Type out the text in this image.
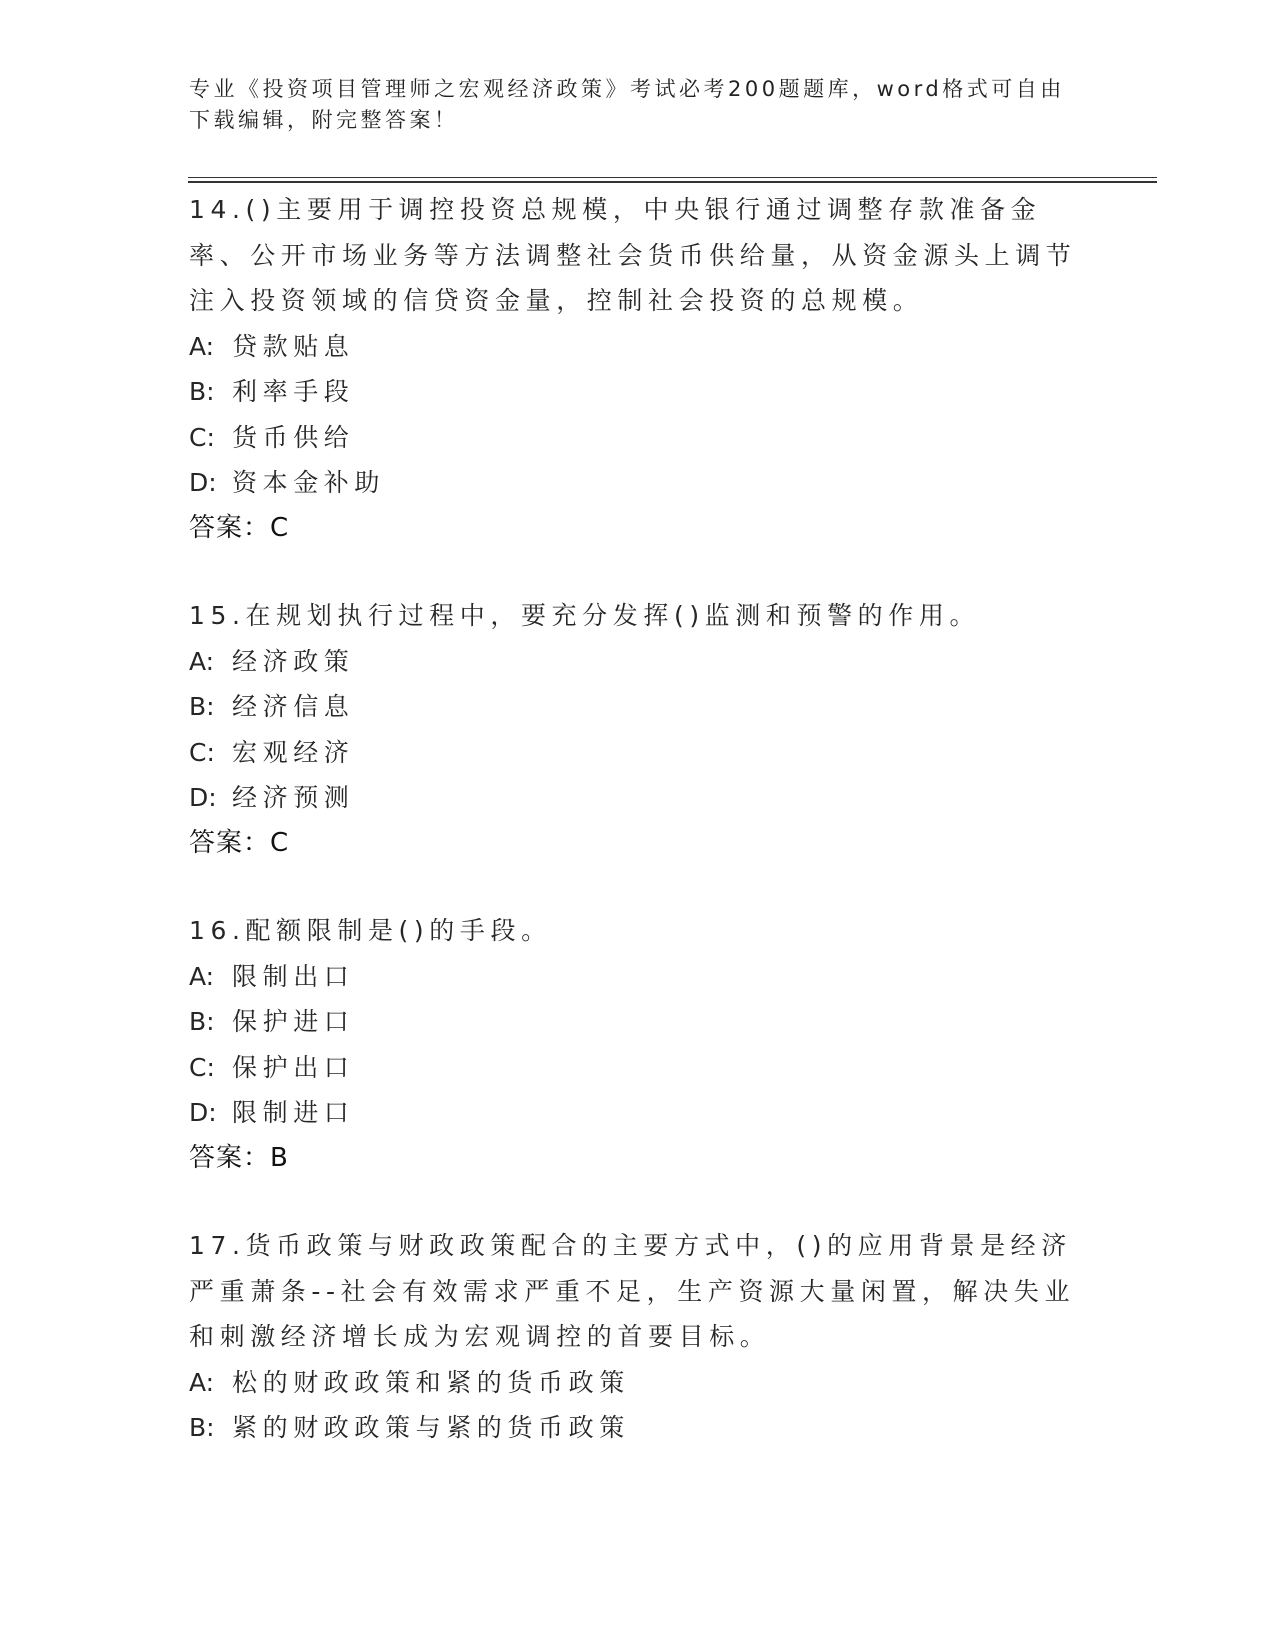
专业《投资项目管理师之宏观经济政策》考试必考200题题库，word格式可自由下载编辑，附完整答案！
14.()主要用于调控投资总规模，中央银行通过调整存款准备金率、公开市场业务等方法调整社会货币供给量，从资金源头上调节注入投资领域的信贷资金量，控制社会投资的总规模。
A: 贷款贴息
B: 利率手段
C: 货币供给
D: 资本金补助
答案：C
15.在规划执行过程中，要充分发挥()监测和预警的作用。
A: 经济政策
B: 经济信息
C: 宏观经济
D: 经济预测
答案：C
16.配额限制是()的手段。
A: 限制出口
B: 保护进口
C: 保护出口
D: 限制进口
答案：B
17.货币政策与财政政策配合的主要方式中，()的应用背景是经济严重萧条--社会有效需求严重不足，生产资源大量闲置，解决失业和刺激经济增长成为宏观调控的首要目标。
A: 松的财政政策和紧的货币政策
B: 紧的财政政策与紧的货币政策
